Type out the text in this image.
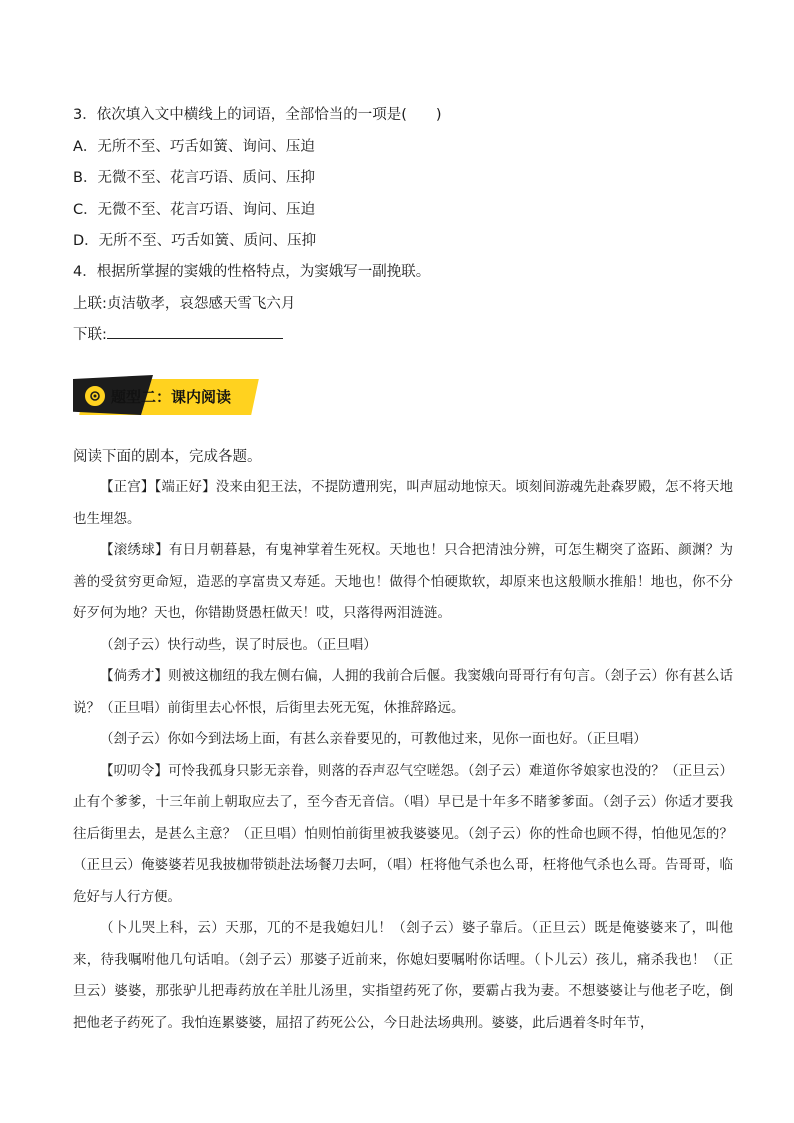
3．依次填入文中横线上的词语，全部恰当的一项是(　　)
A．无所不至、巧舌如簧、询问、压迫
B．无微不至、花言巧语、质问、压抑
C．无微不至、花言巧语、询问、压迫
D．无所不至、巧舌如簧、质问、压抑
4．根据所掌握的窦娥的性格特点，为窦娥写一副挽联。
上联:贞洁敬孝，哀怨感天雪飞六月
下联:
题型二：课内阅读
阅读下面的剧本，完成各题。

【正宫】【端正好】没来由犯王法，不提防遭刑宪，叫声屈动地惊天。顷刻间游魂先赴森罗殿，怎不将天地也生埋怨。

【滚绣球】有日月朝暮悬，有鬼神掌着生死权。天地也！只合把清浊分辨，可怎生糊突了盗跖、颜渊？为善的受贫穷更命短，造恶的享富贵又寿延。天地也！做得个怕硬欺软，却原来也这般顺水推船！地也，你不分好歹何为地？天也，你错勘贤愚枉做天！哎，只落得两泪涟涟。

（刽子云）快行动些，误了时辰也。（正旦唱）

【倘秀才】则被这枷纽的我左侧右偏，人拥的我前合后偃。我窦娥向哥哥行有句言。（刽子云）你有甚么话说？（正旦唱）前街里去心怀恨，后街里去死无冤，休推辞路远。

（刽子云）你如今到法场上面，有甚么亲眷要见的，可教他过来，见你一面也好。（正旦唱）

【叨叨令】可怜我孤身只影无亲眷，则落的吞声忍气空嗟怨。（刽子云）难道你爷娘家也没的？（正旦云）止有个爹爹，十三年前上朝取应去了，至今杳无音信。（唱）早已是十年多不睹爹爹面。（刽子云）你适才要我往后街里去，是甚么主意？（正旦唱）怕则怕前街里被我婆婆见。（刽子云）你的性命也顾不得，怕他见怎的？（正旦云）俺婆婆若见我披枷带锁赴法场餐刀去呵，（唱）枉将他气杀也么哥，枉将他气杀也么哥。告哥哥，临危好与人行方便。

（卜儿哭上科，云）天那，兀的不是我媳妇儿！（刽子云）婆子靠后。（正旦云）既是俺婆婆来了，叫他来，待我嘱咐他几句话咱。（刽子云）那婆子近前来，你媳妇要嘱咐你话哩。（卜儿云）孩儿，痛杀我也！（正旦云）婆婆，那张驴儿把毒药放在羊肚儿汤里，实指望药死了你，要霸占我为妻。不想婆婆让与他老子吃，倒把他老子药死了。我怕连累婆婆，屈招了药死公公，今日赴法场典刑。婆婆，此后遇着冬时年节，
